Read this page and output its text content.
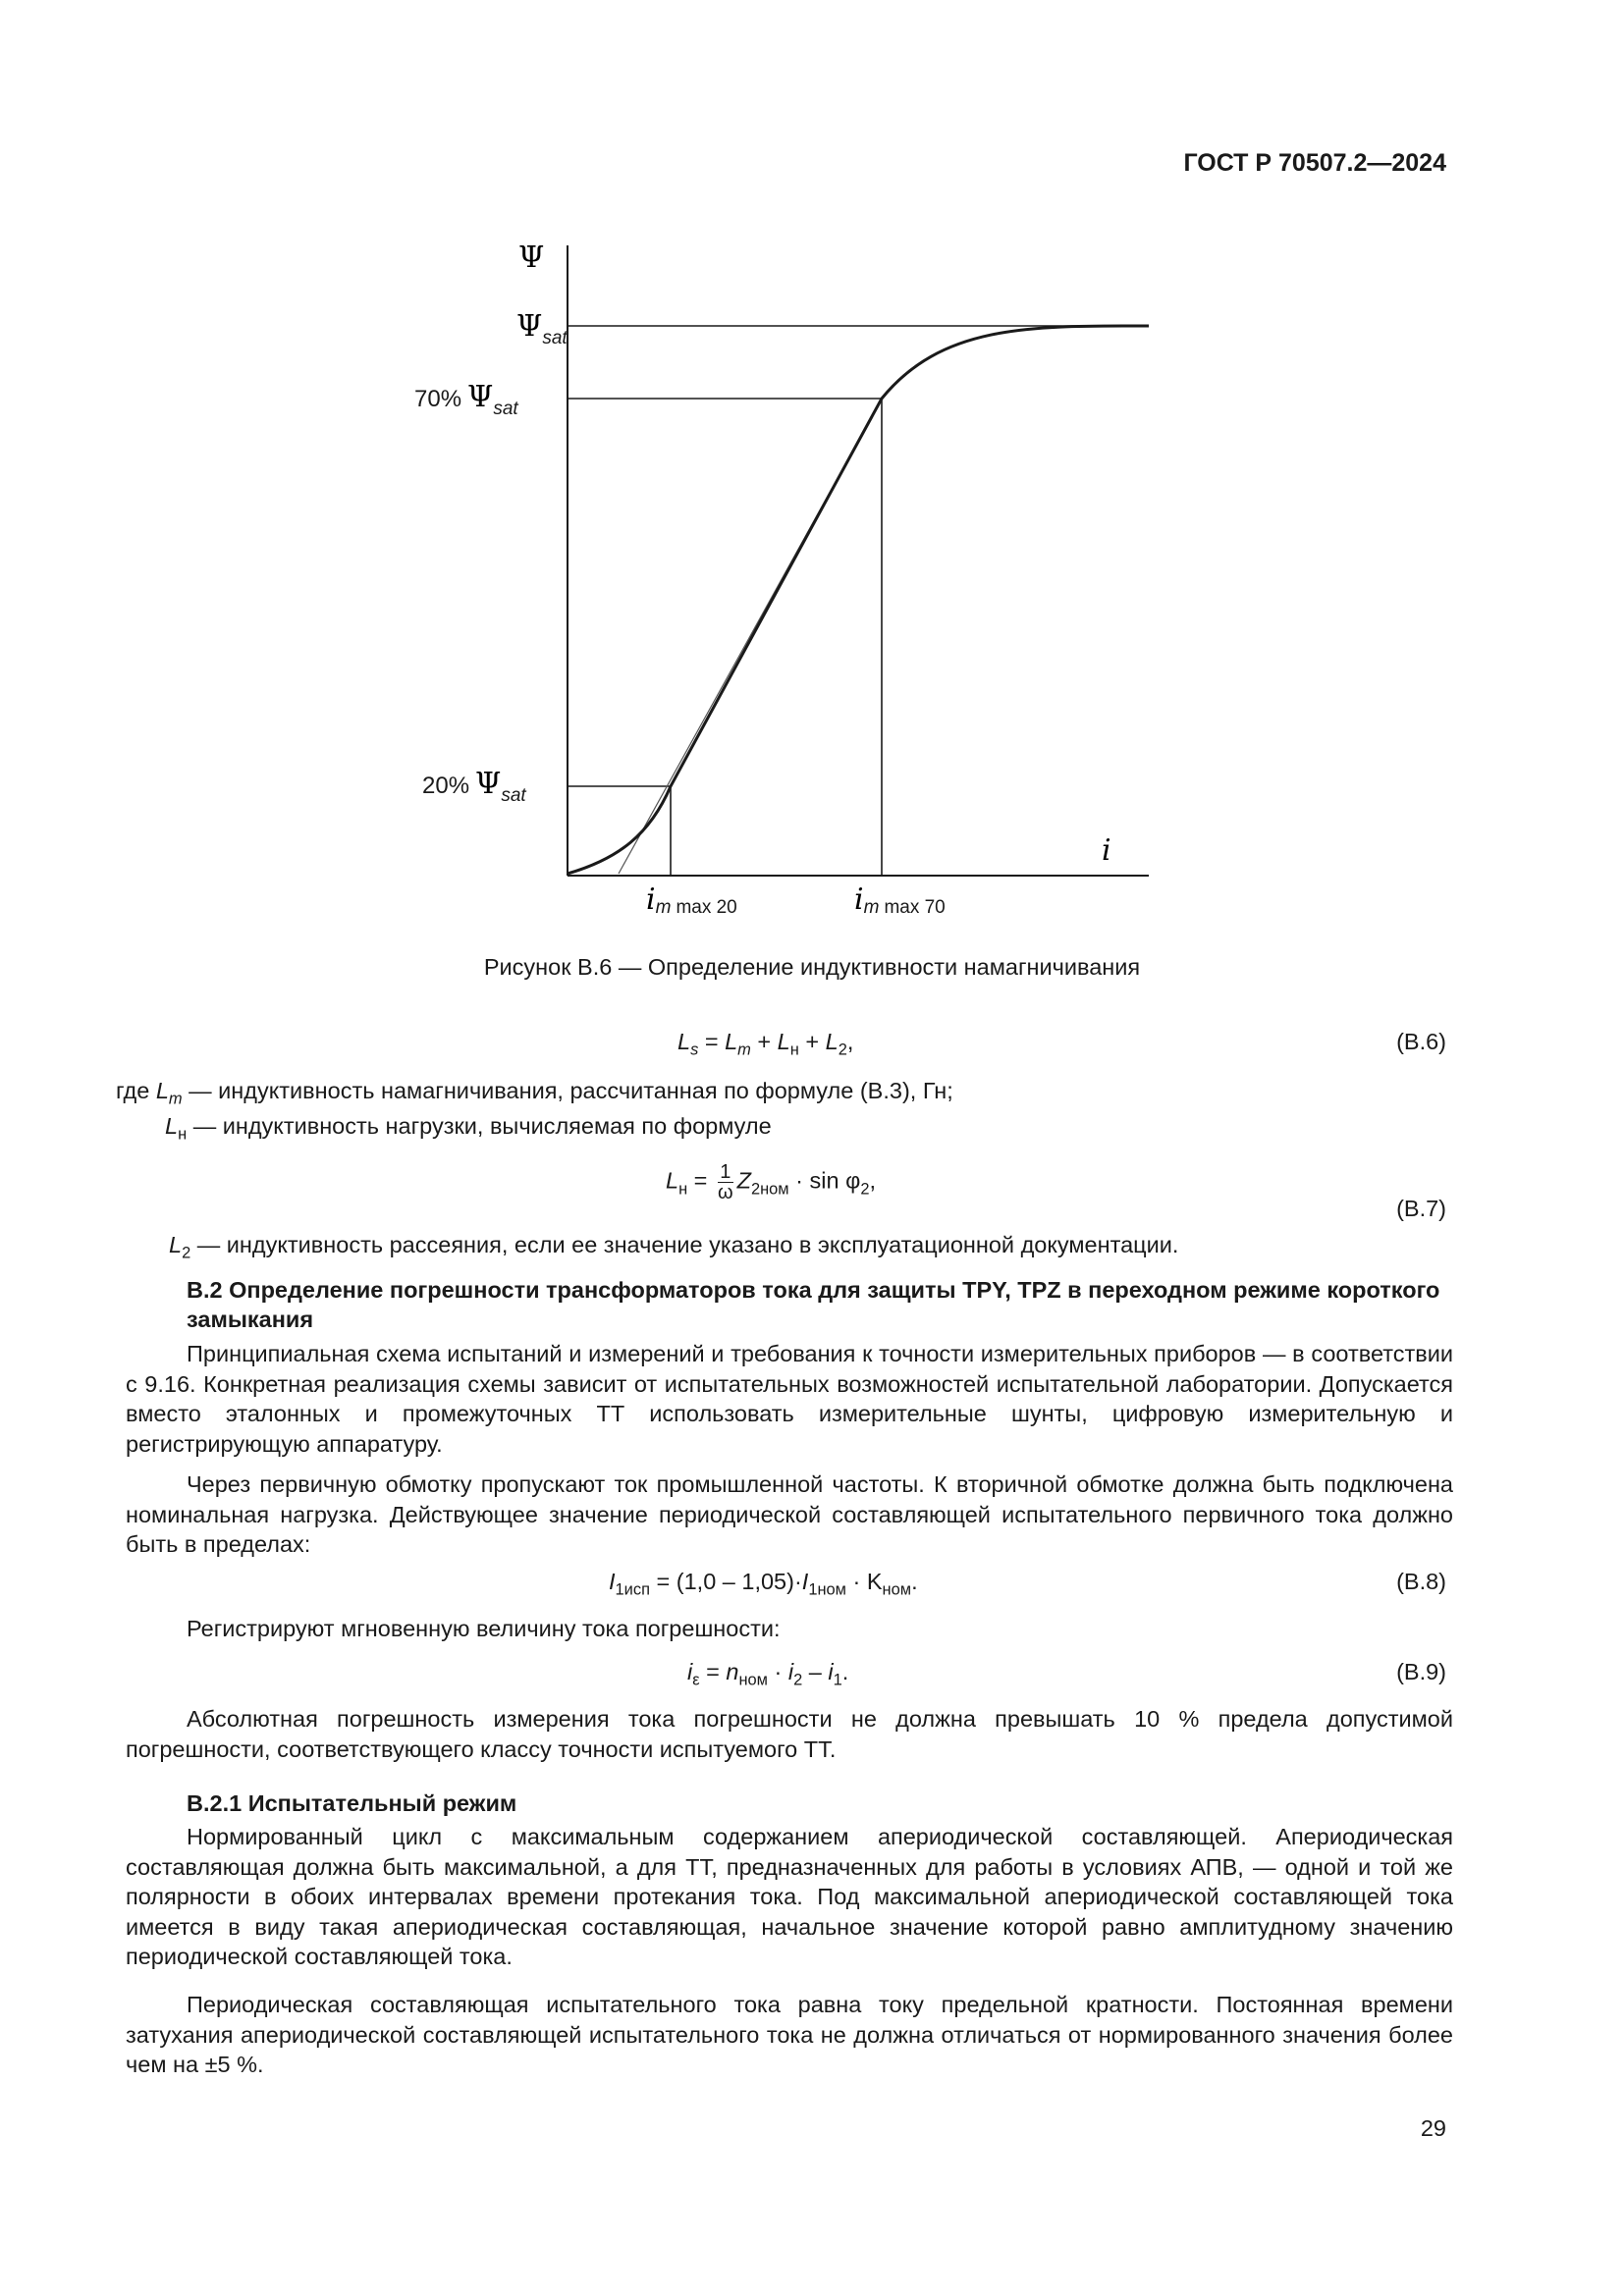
ГОСТ Р 70507.2—2024
Ψ
$\Psi_{sat}$
70% $\Psi_{sat}$
20% $\Psi_{sat}$
i
im max 20	im max 70
Рисунок В.6 — Определение индуктивности намагничивания
$L_s = L_m + L_н + L_2$,	(В.6)
где $L_m$ — индуктивность намагничивания, рассчитанная по формуле (В.3), Гн;
$L_н$ — индуктивность нагрузки, вычисляемая по формуле
$L_н = \frac{1}{\omega} Z_{2ном} \cdot \sin \varphi_2$,
(В.7)
$L_2$ — индуктивность рассеяния, если ее значение указано в эксплуатационной документации.
В.2 Определение погрешности трансформаторов тока для защиты TPY, TPZ в переходном режиме короткого замыкания

Принципиальная схема испытаний и измерений и требования к точности измерительных приборов — в соответствии с 9.16. Конкретная реализация схемы зависит от испытательных возможностей испытательной лаборатории. Допускается вместо эталонных и промежуточных ТТ использовать измерительные шунты, цифровую измерительную и регистрирующую аппаратуру.

Через первичную обмотку пропускают ток промышленной частоты. К вторичной обмотке должна быть подключена номинальная нагрузка. Действующее значение периодической составляющей испытательного первичного тока должно быть в пределах:

$I_{1исп} = (1,0 - 1,05)\cdot I_{1ном} \cdot K_{ном}$.	(В.8)

Регистрируют мгновенную величину тока погрешности:

$i_\varepsilon = n_{ном} \cdot i_2 - i_1$.	(В.9)

Абсолютная погрешность измерения тока погрешности не должна превышать 10 % предела допустимой погрешности, соответствующего классу точности испытуемого ТТ.

В.2.1 Испытательный режим

Нормированный цикл с максимальным содержанием апериодической составляющей. Апериодическая составляющая должна быть максимальной, а для ТТ, предназначенных для работы в условиях АПВ, — одной и той же полярности в обоих интервалах времени протекания тока. Под максимальной апериодической составляющей тока имеется в виду такая апериодическая составляющая, начальное значение которой равно амплитудному значению периодической составляющей тока.

Периодическая составляющая испытательного тока равна току предельной кратности. Постоянная времени затухания апериодической составляющей испытательного тока не должна отличаться от нормированного значения более чем на ±5 %.

29
